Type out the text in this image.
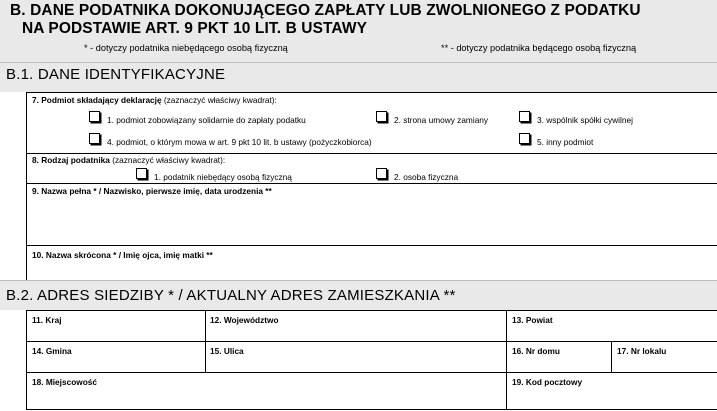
B. DANE PODATNIKA DOKONUJĄCEGO ZAPŁATY LUB ZWOLNIONEGO Z PODATKU
NA PODSTAWIE ART. 9 PKT 10 LIT. B USTAWY
* - dotyczy podatnika niebędącego osobą fizyczną	** - dotyczy podatnika będącego osobą fizyczną
B.1. DANE IDENTYFIKACYJNE
7. Podmiot składający deklarację (zaznaczyć właściwy kwadrat):
1. podmiot zobowiązany solidarnie do zapłaty podatku	2. strona umowy zamiany	3. wspólnik spółki cywilnej
4. podmiot, o którym mowa w art. 9 pkt 10 lit. b ustawy (pożyczkobiorca)	5. inny podmiot
8. Rodzaj podatnika (zaznaczyć właściwy kwadrat):
1. podatnik niebędący osobą fizyczną	2. osoba fizyczna
9. Nazwa pełna * / Nazwisko, pierwsze imię, data urodzenia **
10. Nazwa skrócona * / Imię ojca, imię matki **
B.2. ADRES SIEDZIBY * / AKTUALNY ADRES ZAMIESZKANIA **
11. Kraj	12. Województwo	13. Powiat
14. Gmina	15. Ulica	16. Nr domu	17. Nr lokalu
18. Miejscowość	19. Kod pocztowy
